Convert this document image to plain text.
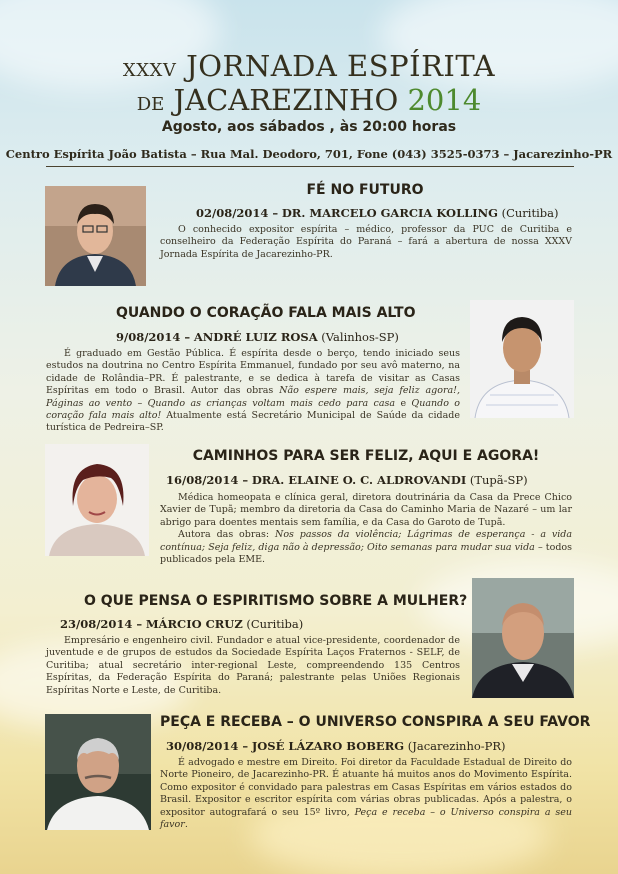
XXXV JORNADA ESPÍRITA
DE JACAREZINHO 2014
Agosto, aos sábados , às 20:00 horas
Centro Espírita João Batista – Rua Mal. Deodoro, 701, Fone (043) 3525-0373 – Jacarezinho-PR
FÉ NO FUTURO
02/08/2014 – DR. MARCELO GARCIA KOLLING (Curitiba)

O conhecido expositor espírita – médico, professor da PUC de Curitiba e conselheiro da Federação Espírita do Paraná – fará a abertura de nossa XXXV Jornada Espírita de Jacarezinho-PR.

QUANDO O CORAÇÃO FALA MAIS ALTO
9/08/2014 – ANDRÉ LUIZ ROSA (Valinhos-SP)

É graduado em Gestão Pública. É espírita desde o berço, tendo iniciado seus estudos na doutrina no Centro Espírita Emmanuel, fundado por seu avô materno, na cidade de Rolândia–PR. É palestrante, e se dedica à tarefa de visitar as Casas Espíritas em todo o Brasil. Autor das obras Não espere mais, seja feliz agora!, Páginas ao vento – Quando as crianças voltam mais cedo para casa e Quando o coração fala mais alto! Atualmente está Secretário Municipal de Saúde da cidade turística de Pedreira–SP.

CAMINHOS PARA SER FELIZ, AQUI E AGORA!
16/08/2014 – DRA. ELAINE O. C. ALDROVANDI (Tupã-SP)

Médica homeopata e clínica geral, diretora doutrinária da Casa da Prece Chico Xavier de Tupã; membro da diretoria da Casa do Caminho Maria de Nazaré – um lar abrigo para doentes mentais sem família, e da Casa do Garoto de Tupã.

Autora das obras: Nos passos da violência; Lágrimas de esperança - a vida contínua; Seja feliz, diga não à depressão; Oito semanas para mudar sua vida – todos publicados pela EME.

O QUE PENSA O ESPIRITISMO SOBRE A MULHER?
23/08/2014 – MÁRCIO CRUZ (Curitiba)

Empresário e engenheiro civil. Fundador e atual vice-presidente, coordenador de juventude e de grupos de estudos da Sociedade Espírita Laços Fraternos - SELF, de Curitiba; atual secretário inter-regional Leste, compreendendo 135 Centros Espíritas, da Federação Espírita do Paraná; palestrante pelas Uniões Regionais Espíritas Norte e Leste, de Curitiba.

PEÇA E RECEBA – O UNIVERSO CONSPIRA A SEU FAVOR
30/08/2014 – JOSÉ LÁZARO BOBERG (Jacarezinho-PR)

É advogado e mestre em Direito. Foi diretor da Faculdade Estadual de Direito do Norte Pioneiro, de Jacarezinho-PR. É atuante há muitos anos do Movimento Espírita. Como expositor é convidado para palestras em Casas Espíritas em vários estados do Brasil. Expositor e escritor espírita com várias obras publicadas. Após a palestra, o expositor autografará o seu 15º livro, Peça e receba – o Universo conspira a seu favor.
